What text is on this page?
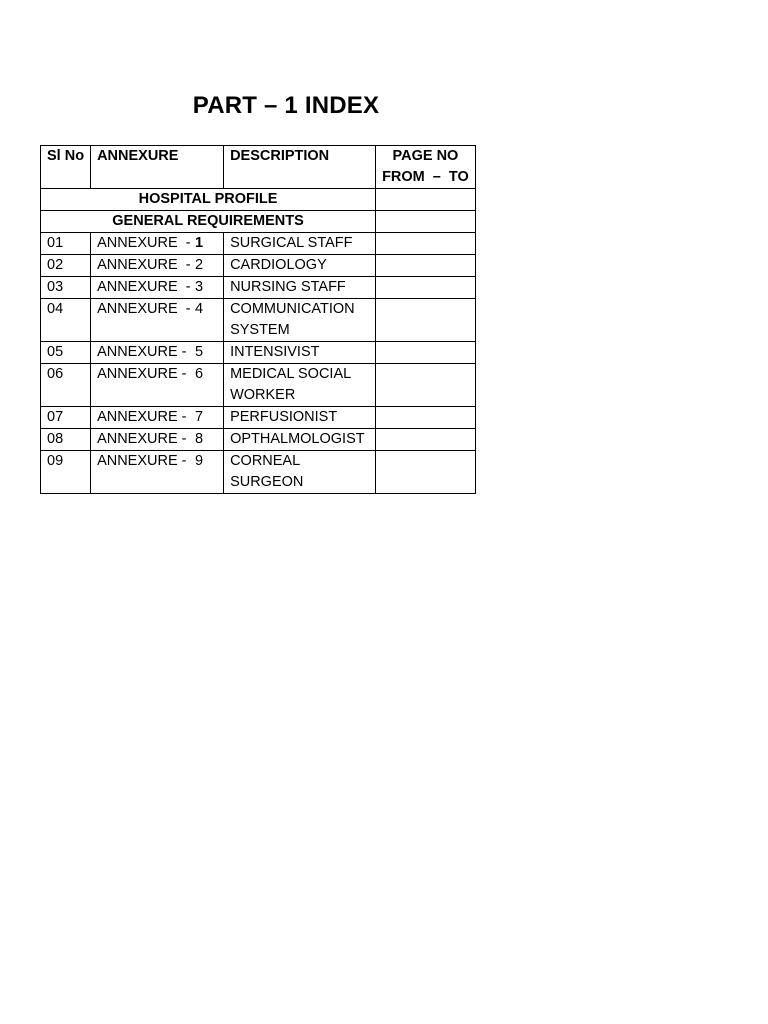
PART – 1 INDEX
Sl No	ANNEXURE	DESCRIPTION	PAGE NO
FROM  –  TO

HOSPITAL PROFILE			
GENERAL REQUIREMENTS			
01	ANNEXURE  - 1	SURGICAL STAFF	
02	ANNEXURE  - 2	CARDIOLOGY	
03	ANNEXURE  - 3	NURSING STAFF	
04	ANNEXURE  - 4	COMMUNICATION SYSTEM	
05	ANNEXURE - 5	INTENSIVIST	
06	ANNEXURE - 6	MEDICAL SOCIAL WORKER	
07	ANNEXURE - 7	PERFUSIONIST	
08	ANNEXURE - 8	OPTHALMOLOGIST	
09	ANNEXURE - 9	CORNEAL SURGEON	
